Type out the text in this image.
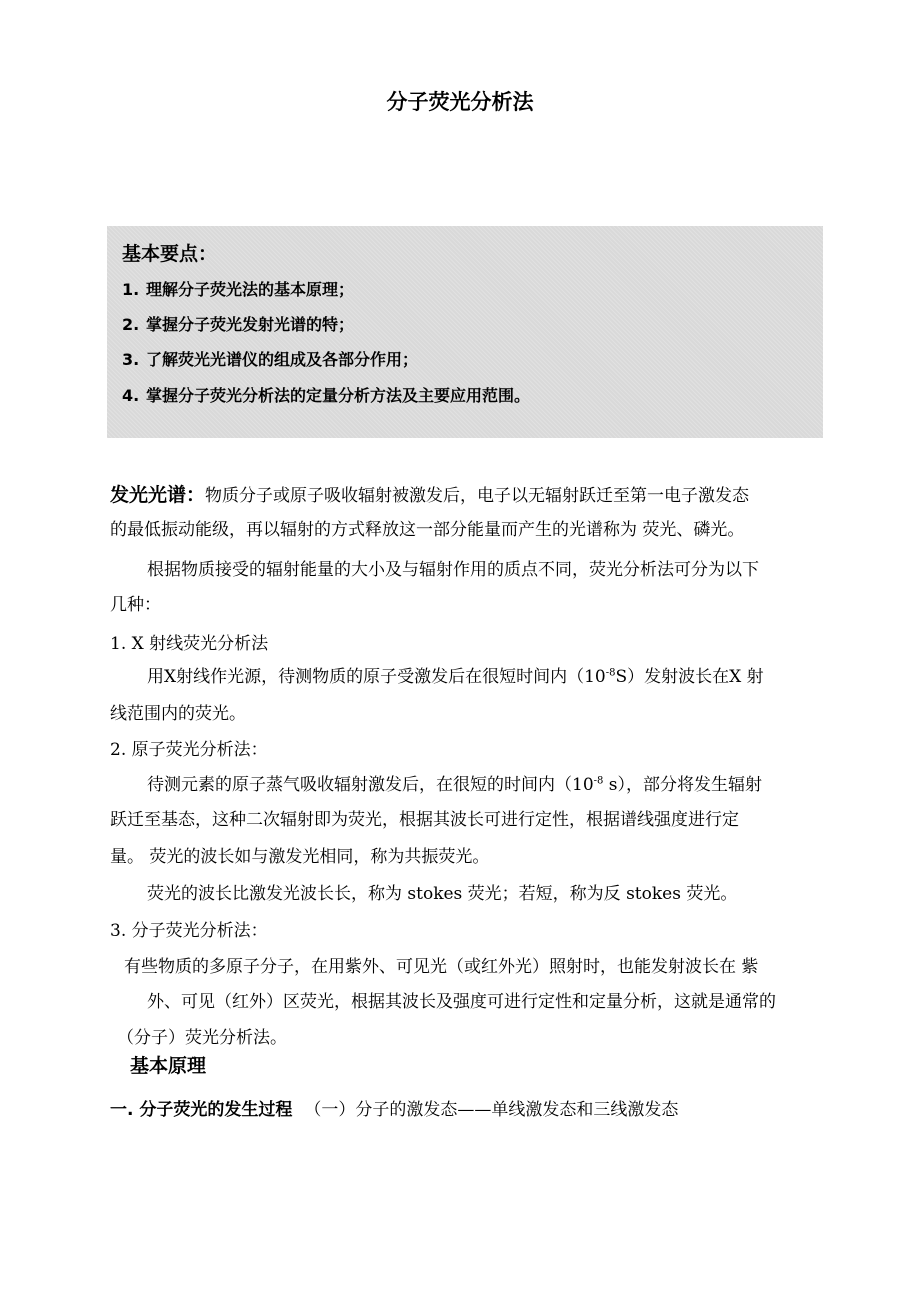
分子荧光分析法
基本要点：
1. 理解分子荧光法的基本原理；
2. 掌握分子荧光发射光谱的特；
3. 了解荧光光谱仪的组成及各部分作用；
4. 掌握分子荧光分析法的定量分析方法及主要应用范围。
发光光谱：物质分子或原子吸收辐射被激发后，电子以无辐射跃迁至第一电子激发态
的最低振动能级，再以辐射的方式释放这一部分能量而产生的光谱称为 荧光、磷光。
根据物质接受的辐射能量的大小及与辐射作用的质点不同，荧光分析法可分为以下
几种：
1. X 射线荧光分析法
用X射线作光源，待测物质的原子受激发后在很短时间内$(10^{-8}S)$发射波长在X 射
线范围内的荧光。
2. 原子荧光分析法：
待测元素的原子蒸气吸收辐射激发后，在很短的时间内（$10^{-8}$ s），部分将发生辐射
跃迁至基态，这种二次辐射即为荧光，根据其波长可进行定性，根据谱线强度进行定
量。 荧光的波长如与激发光相同，称为共振荧光。
荧光的波长比激发光波长长，称为 stokes 荧光；若短，称为反 stokes 荧光。
3. 分子荧光分析法：
有些物质的多原子分子，在用紫外、可见光（或红外光）照射时，也能发射波长在 紫
外、可见（红外）区荧光，根据其波长及强度可进行定性和定量分析，这就是通常的
（分子）荧光分析法。
基本原理
一. 分子荧光的发生过程 （一）分子的激发态——单线激发态和三线激发态
